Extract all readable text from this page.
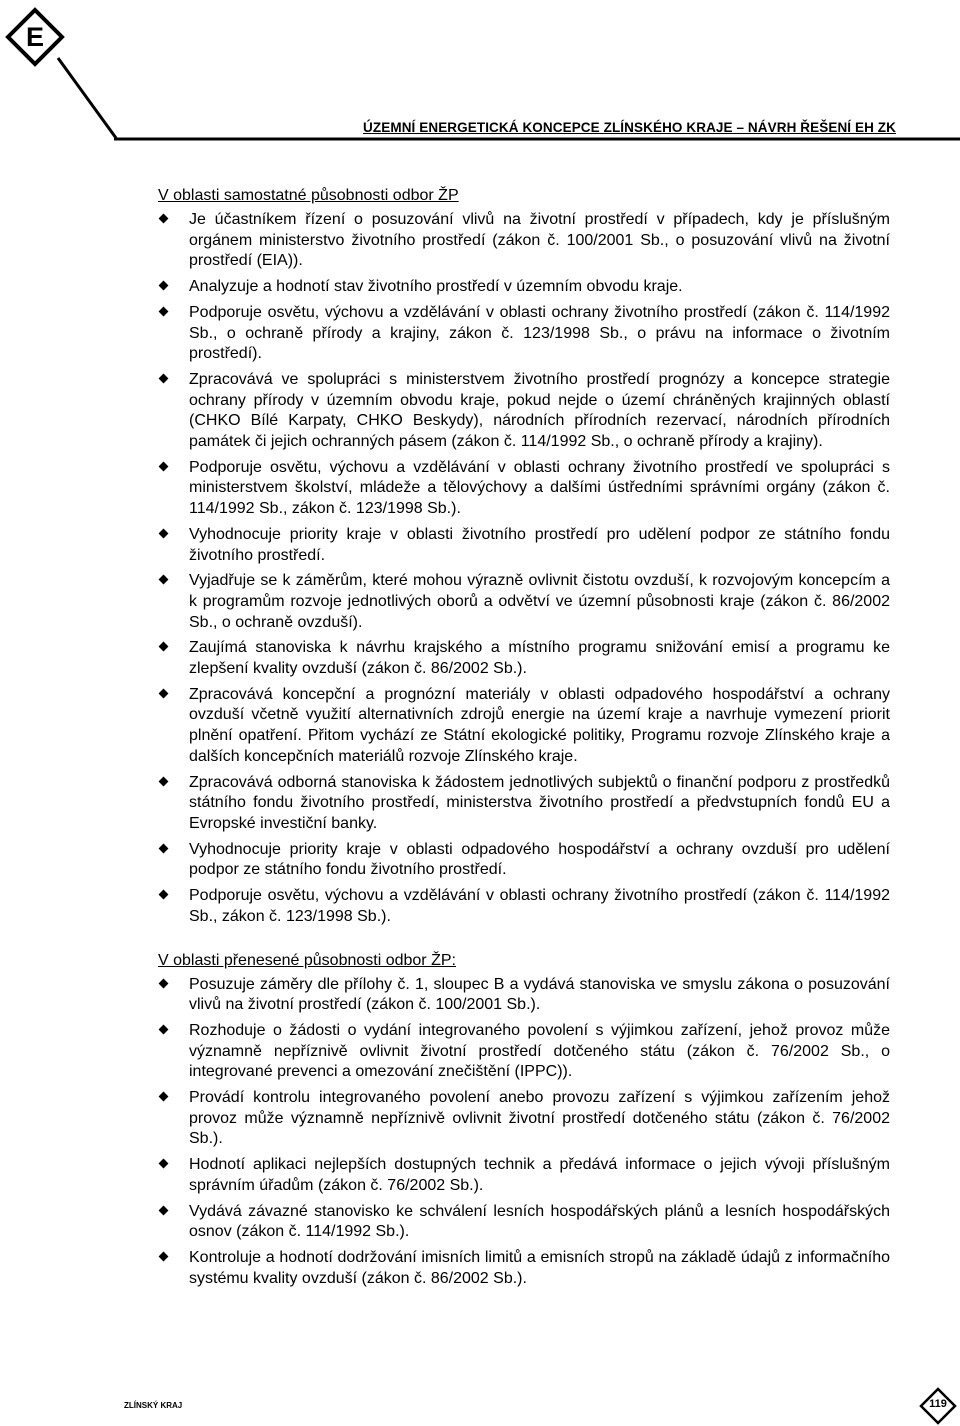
E
ÚZEMNÍ ENERGETICKÁ KONCEPCE ZLÍNSKÉHO KRAJE – NÁVRH ŘEŠENÍ EH ZK
V oblasti samostatné působnosti odbor ŽP
Je účastníkem řízení o posuzování vlivů na životní prostředí v případech, kdy je příslušným orgánem ministerstvo životního prostředí (zákon č. 100/2001 Sb., o posuzování vlivů na životní prostředí (EIA)).
Analyzuje a hodnotí stav životního prostředí v územním obvodu kraje.
Podporuje osvětu, výchovu a vzdělávání v oblasti ochrany životního prostředí (zákon č. 114/1992 Sb., o ochraně přírody a krajiny, zákon č. 123/1998 Sb., o právu na informace o životním prostředí).
Zpracovává ve spolupráci s ministerstvem životního prostředí prognózy a koncepce strategie ochrany přírody v územním obvodu kraje, pokud nejde o území chráněných krajinných oblastí (CHKO Bílé Karpaty, CHKO Beskydy), národních přírodních rezervací, národních přírodních památek či jejich ochranných pásem (zákon č. 114/1992 Sb., o ochraně přírody a krajiny).
Podporuje osvětu, výchovu a vzdělávání v oblasti ochrany životního prostředí ve spolupráci s ministerstvem školství, mládeže a tělovýchovy a dalšími ústředními správními orgány (zákon č. 114/1992 Sb., zákon č. 123/1998 Sb.).
Vyhodnocuje priority kraje v oblasti životního prostředí pro udělení podpor ze státního fondu životního prostředí.
Vyjadřuje se k záměrům, které mohou výrazně ovlivnit čistotu ovzduší, k rozvojovým koncepcím a k programům rozvoje jednotlivých oborů a odvětví ve územní působnosti kraje (zákon č. 86/2002 Sb., o ochraně ovzduší).
Zaujímá stanoviska k návrhu krajského a místního programu snižování emisí a programu ke zlepšení kvality ovzduší (zákon č. 86/2002 Sb.).
Zpracovává koncepční a prognózní materiály v oblasti odpadového hospodářství a ochrany ovzduší včetně využití alternativních zdrojů energie na území kraje a navrhuje vymezení priorit plnění opatření. Přitom vychází ze Státní ekologické politiky, Programu rozvoje Zlínského kraje a dalších koncepčních materiálů rozvoje Zlínského kraje.
Zpracovává odborná stanoviska k žádostem jednotlivých subjektů o finanční podporu z prostředků státního fondu životního prostředí, ministerstva životního prostředí a předvstupních fondů EU a Evropské investiční banky.
Vyhodnocuje priority kraje v oblasti odpadového hospodářství a ochrany ovzduší pro udělení podpor ze státního fondu životního prostředí.
Podporuje osvětu, výchovu a vzdělávání v oblasti ochrany životního prostředí (zákon č. 114/1992 Sb., zákon č. 123/1998 Sb.).
V oblasti přenesené působnosti odbor ŽP:
Posuzuje záměry dle přílohy č. 1, sloupec B a vydává stanoviska ve smyslu zákona o posuzování vlivů na životní prostředí (zákon č. 100/2001 Sb.).
Rozhoduje o žádosti o vydání integrovaného povolení s výjimkou zařízení, jehož provoz může významně nepříznivě ovlivnit životní prostředí dotčeného státu (zákon č. 76/2002 Sb., o integrované prevenci a omezování znečištění (IPPC)).
Provádí kontrolu integrovaného povolení anebo provozu zařízení s výjimkou zařízením jehož provoz může významně nepříznivě ovlivnit životní prostředí dotčeného státu (zákon č. 76/2002 Sb.).
Hodnotí aplikaci nejlepších dostupných technik a předává informace o jejich vývoji příslušným správním úřadům (zákon č. 76/2002 Sb.).
Vydává závazné stanovisko ke schválení lesních hospodářských plánů a lesních hospodářských osnov (zákon č. 114/1992 Sb.).
Kontroluje a hodnotí dodržování imisních limitů a emisních stropů na základě údajů z informačního systému kvality ovzduší (zákon č. 86/2002 Sb.).
ZLÍNSKÝ KRAJ	119
